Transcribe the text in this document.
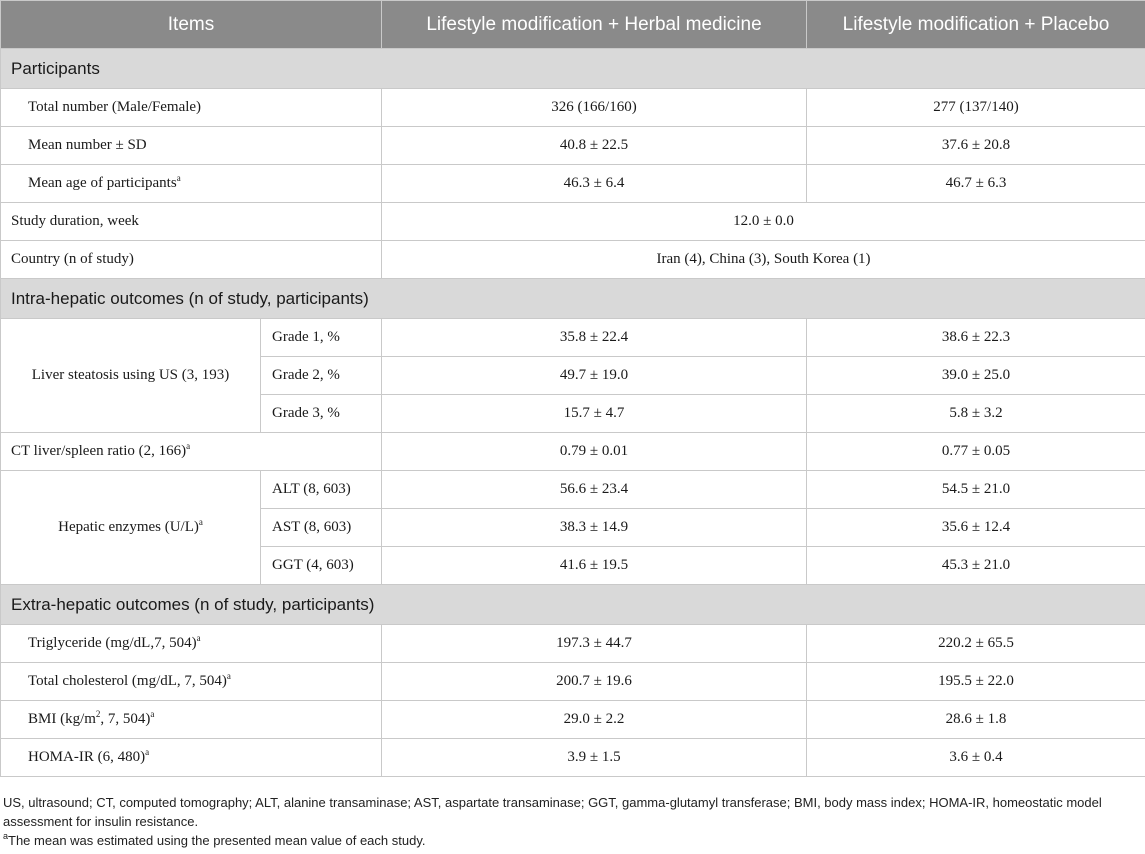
Items		Lifestyle modification + Herbal medicine	Lifestyle modification + Placebo
Participants			
Total number (Male/Female)		326 (166/160)	277 (137/140)
Mean number ± SD		40.8 ± 22.5	37.6 ± 20.8
Mean age of participants$^a$		46.3 ± 6.4	46.7 ± 6.3
Study duration, week		12.0 ± 0.0	
Country (n of study)		Iran (4), China (3), South Korea (1)	
Intra-hepatic outcomes (n of study, participants)			
Liver steatosis using US (3, 193)	Grade 1, %	35.8 ± 22.4	38.6 ± 22.3
	Grade 2, %	49.7 ± 19.0	39.0 ± 25.0
	Grade 3, %	15.7 ± 4.7	5.8 ± 3.2
CT liver/spleen ratio (2, 166)$^a$		0.79 ± 0.01	0.77 ± 0.05
Hepatic enzymes $(U/L)^a$	ALT (8, 603)	56.6 ± 23.4	54.5 ± 21.0
	AST (8, 603)	38.3 ± 14.9	35.6 ± 12.4
	GGT (4, 603)	41.6 ± 19.5	45.3 ± 21.0
Extra-hepatic outcomes (n of study, participants)			
Triglyceride (mg/dL,7, 504)$^a$		197.3 ± 44.7	220.2 ± 65.5
Total cholesterol (mg/dL, 7, 504)$^a$		200.7 ± 19.6	195.5 ± 22.0
BMI ($kg/m^2$, 7, 504)$^a$		29.0 ± 2.2	28.6 ± 1.8
HOMA-IR (6, 480)$^a$		3.9 ± 1.5	3.6 ± 0.4

US, ultrasound; CT, computed tomography; ALT, alanine transaminase; AST, aspartate transaminase; GGT, gamma-glutamyl transferase; BMI, body mass index; HOMA-IR, homeostatic model assessment for insulin resistance.

$^a$The mean was estimated using the presented mean value of each study.
